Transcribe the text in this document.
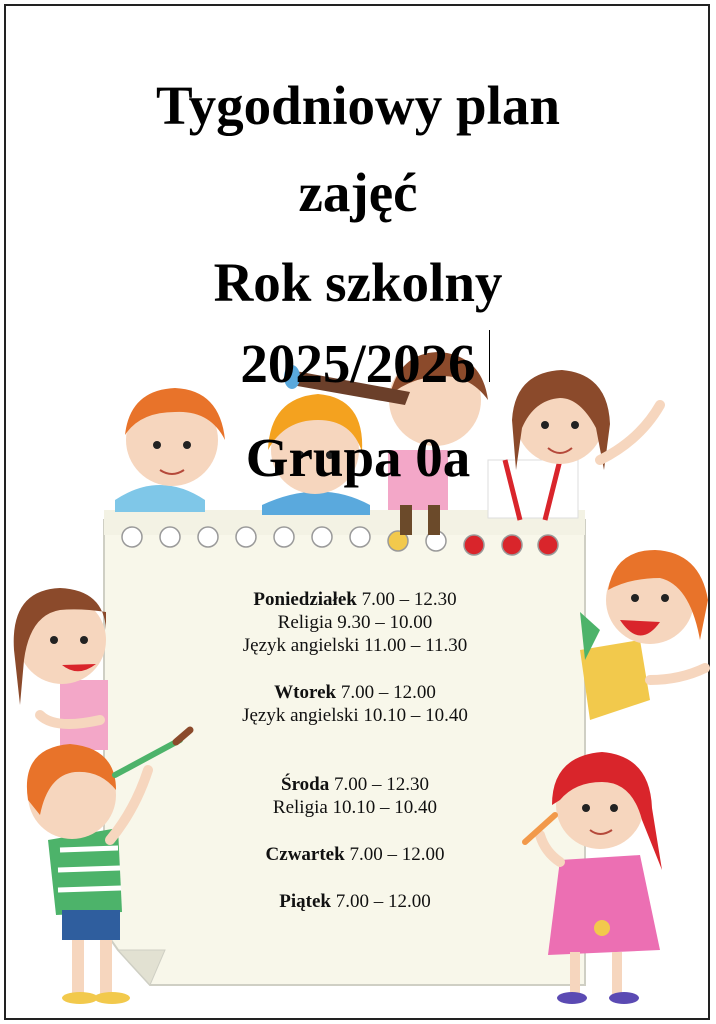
Tygodniowy plan
zajęć
Rok szkolny
2025/2026
Grupa 0a
Poniedziałek 7.00 – 12.30
Religia 9.30 – 10.00
Język angielski 11.00 – 11.30
Wtorek 7.00 – 12.00
Język angielski 10.10 – 10.40
Środa 7.00 – 12.30
Religia 10.10 – 10.40
Czwartek 7.00 – 12.00
Piątek 7.00 – 12.00
